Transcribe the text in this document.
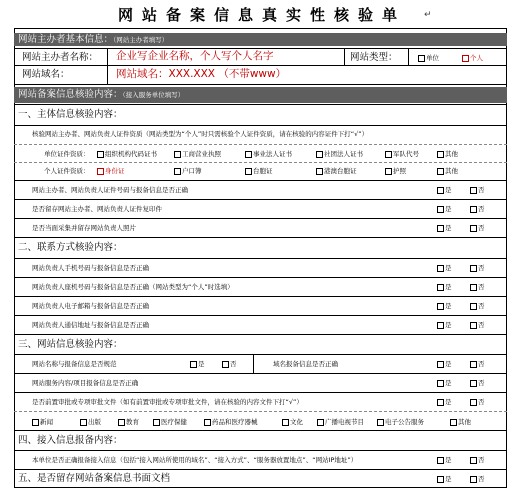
网站备案信息真实性核验单	↵
网站主办者基本信息：（网站主办者填写）
网站主办者名称： 企业写企业名称，个人写个人名字	网站类型：	单位	个人
网站域名：	网站域名：XXX.XXX （不带www）
网站备案信息核验内容：（接入服务单位填写）
一、主体信息核验内容：
核验网站主办者、网站负责人证件资质（网站类型为“个人”时只需核验个人证件资质，请在核验的内容证件下打“√”）
单位证件资质：	组织机构代码证书	工商营业执照	事业法人证书	社团法人证书	军队代号	其他
个人证件资质：	身份证	户口簿	台胞证	港澳台胞证	护照	其他
网站主办者、网站负责人证件号码与报备信息是否正确	是	否
是否留存网站主办者、网站负责人证件复印件	是	否
是否当面采集并留存网站负责人照片	是	否
二、联系方式核验内容：
网站负责人手机号码与报备信息是否正确	是	否
网站负责人座机号码与报备信息是否正确（网站类型为“个人”时选填）	是	否
网站负责人电子邮箱与报备信息是否正确	是	否
网站负责人通信地址与报备信息是否正确	是	否
三、网站信息核验内容：
网站名称与报备信息是否规范	是	否	域名报备信息是否正确	是	否
网站服务内容/项目报备信息是否正确	是	否
是否前置审批或专项审批文件（如有前置审批或专项审批文件，请在核验的内容文件下打“√”）	是	否
新闻	出版	教育	医疗保健	药品和医疗器械	文化	广播电视节目	电子公告服务	其他
四、接入信息报备内容：
本单位是否正确报备接入信息（包括“接入网站所使用的域名”、“接入方式”、“服务器放置地点”、“网站IP地址”）	是	否
五、是否留存网站备案信息书面文档	是	否
